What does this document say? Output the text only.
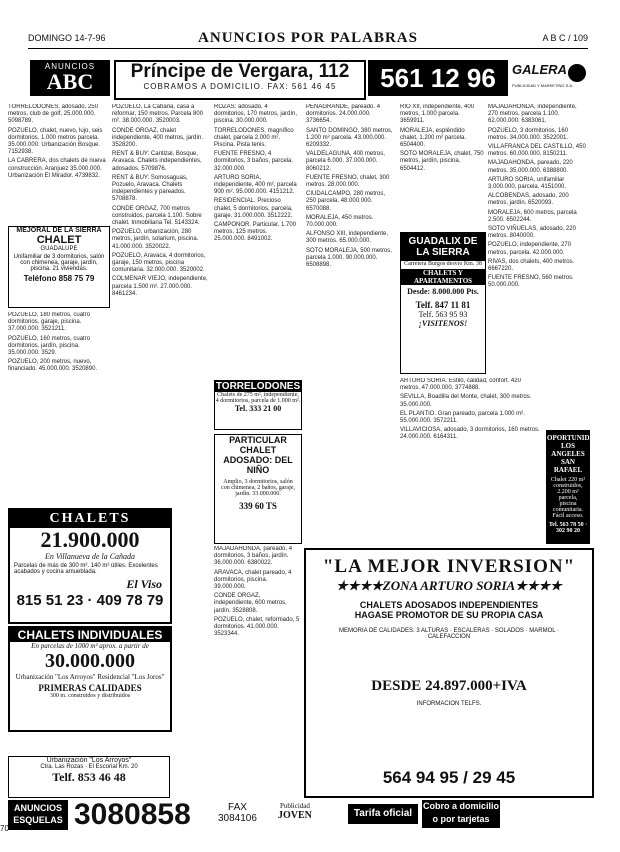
DOMINGO 14-7-96	ANUNCIOS POR PALABRAS	A B C / 109
ANUNCIOS
ABC	Príncipe de Vergara, 112
COBRAMOS A DOMICILIO. FAX: 561 46 45	561 12 96	GALERA
PUBLICIDAD Y MARKETING S.A.

TORRELODONES, adosado, 250 metros, club de golf, 25.000.000. 5098789.

POZUELO, chalet, nuevo, lujo, seis dormitorios, 1.000 metros parcela. 35.000.000. Urbanización Bosque. 7152938.

LA CABRERA, dos chalets de nueva construcción. Aranjuez 35.000.000. Urbanización El Mirador. 4739832.

MEJORAL DE LA SIERRA
CHALET
GUADALUPE
Unifamiliar de 3 dormitorios, salón con chimenea, garaje, jardín, piscina. 21 viviendas.
Teléfono 858 75 79

POZUELO, 180 metros, cuatro dormitorios, garaje, piscina. 37.000.000. 3521211.

POZUELO, 160 metros, cuatro dormitorios, jardín, piscina. 35.000.000. 3529.

POZUELO, 200 metros, nuevo, financiado. 45.000.000. 3520890.

POZUELO, La Cabaña, casa a reformar, 150 metros. Parcela 800 m². 38.000.000. 3520003.

CONDE ORGAZ, chalet independiente, 400 metros, jardín. 3528200.

RENT & BUY: Cantizal, Bosque, Aravaca. Chalets independientes, adosados. 5709876.

RENT & BUY: Somosaguas, Pozuelo, Aravaca. Chalets independientes y pareados. 5708878.

CONDE ORGAZ, 700 metros construidos, parcela 1.100. Sobre chalet. Inmobiliaria Tel. 5143324.

POZUELO, urbanización, 280 metros, jardín, solarium, piscina. 41.000.000. 3520022.

POZUELO, Aravaca, 4 dormitorios, garaje, 150 metros, piscina comunitaria. 32.000.000. 3520002.

COLMENAR VIEJO, independiente, parcela 1.500 m². 27.000.000. 8461234.

ROZAS: adosado, 4 dormitorios, 170 metros, jardín, piscina. 30.000.000.

TORRELODONES, magnífico chalet, parcela 2.000 m². Piscina. Pista tenis.

FUENTE FRESNO, 4 dormitorios, 3 baños, parcela. 32.000.000.

ARTURO SORIA, independiente, 400 m², parcela 900 m². 95.000.000. 4151212.

RESIDENCIAL. Precioso chalet, 5 dormitorios, parcela, garaje. 31.000.000. 3512222.

CAMPONOR. Particular, 1.700 metros, 125 metros. 25.000.000. 8491002.

TORRELODONES
Chalets de 275 m², independiente, 4 dormitorios, parcela de 1.000 m².
Tel. 333 21 00
PARTICULAR CHALET ADOSADO: DEL NIÑO
Amplio, 3 dormitorios, salón con chimenea, 2 baños, garaje, jardín. 33.000.000.
339 60 TS

MAJADAHONDA, pareado, 4 dormitorios, 3 baños, jardín. 36.000.000. 6380022.

ARAVACA, chalet pareado, 4 dormitorios, piscina. 39.000.000.

CONDE ORGAZ, independiente, 600 metros, jardín. 3528808.

POZUELO, chalet, reformado, 5 dormitorios. 41.000.000. 3523344.

PEÑAGRANDE, pareado. 4 dormitorios. 24.000.000. 3736654.

SANTO DOMINGO, 380 metros, 1.200 m² parcela. 43.000.000. 6209332.

VALDELAGUNA, 400 metros, parcela 6.000. 37.000.000. 8060212.

FUENTE FRESNO, chalet, 300 metros. 28.000.000.

CIUDALCAMPO, 280 metros, 250 parcela. 48.000.000. 6570088.

MORALEJA, 450 metros. 70.000.000.

ALFONSO XIII, independiente, 300 metros. 65.000.000.

SOTO MORALEJA, 500 metros, parcela 1.000. 90.000.000. 6508898.

RIO XII, independiente, 400 metros, 1.000 parcela. 3659911.

MORALEJA, espléndido chalet, 1.200 m² parcela. 6504400.

SOTO MORALEJA, chalet, 750 metros, jardín, piscina. 6504412.

GUADALIX DE LA SIERRA
Carretera Burgos desvío Km. 38
CHALETS Y APARTAMENTOS
Desde: 8.000.000 Pts.
Telf. 847 11 81
Telf. 563 95 93
¡VISITENOS!

ARTURO SORIA. Estilo, calidad, confort. 420 metros. 47.000.000. 3774888.

SEVILLA, Boadilla del Monte, chalet, 300 metros. 35.000.000.

EL PLANTIO. Gran pareado, parcela 1.000 m². 55.000.000. 3572211.

VILLAVICIOSA, adosado, 3 dormitorios, 160 metros. 24.000.000. 6164311.

MAJADAHONDA, independiente, 270 metros, parcela 1.100. 62.000.000. 6383061.

POZUELO, 3 dormitorios, 160 metros. 34.000.000. 3522001.

VILLAFRANCA DEL CASTILLO, 450 metros. 60.000.000. 8150211.

MAJADAHONDA, pareado, 220 metros. 35.000.000. 6388800.

ARTURO SORIA, unifamiliar 3.000.000, parcela. 4151000.

ALCOBENDAS, adosado, 200 metros, jardín. 6520093.

MORALEJA, 600 metros, parcela 2.500. 6502244.

SOTO VIÑUELAS, adosado, 220 metros. 8040000.

POZUELO, independiente, 270 metros, parcela. 42.000.000.

RIVAS, dos chalets, 400 metros. 6667220.

FUENTE FRESNO, 560 metros. 50.000.000.

OPORTUNIDAD LOS ANGELES SAN RAFAEL
Chalet 220 m² construidos, 2.200 m² parcela, piscina comunitaria. Fácil acceso.
Tel. 563 78 50 · 302 90 20
CHALETS
21.900.000
En Villanueva de la Cañada
Parcelas de más de 300 m². 140 m² útiles. Excelentes acabados y cocina amueblada.
El Viso
815 51 23 · 409 78 79
CHALETS INDIVIDUALES
En parcelas de 1000 m² aprox. a partir de
30.000.000
Urbanización "Los Arroyos" Residencial "Los Joros"
PRIMERAS CALIDADES
300 m. construidos y distribuidos
Urbanización "Los Arroyos"
Ctra. Las Rozas · El Escorial Km. 20
Telf. 853 46 48
"LA MEJOR INVERSION"
★★★★ZONA ARTURO SORIA★★★★
CHALETS ADOSADOS INDEPENDIENTES
HAGASE PROMOTOR DE SU PROPIA CASA
MEMORIA DE CALIDADES: 3 ALTURAS · ESCALERAS · SOLADOS · MARMOL · CALEFACCION
DESDE 24.897.000+IVA
INFORMACION TELFS.
564 94 95 / 29 45
ANUNCIOS ESQUELAS 3080858	FAX
3084106
Publicidad
JOVEN	Tarifa oficial
Cobro a domicilio o por tarjetas
70
